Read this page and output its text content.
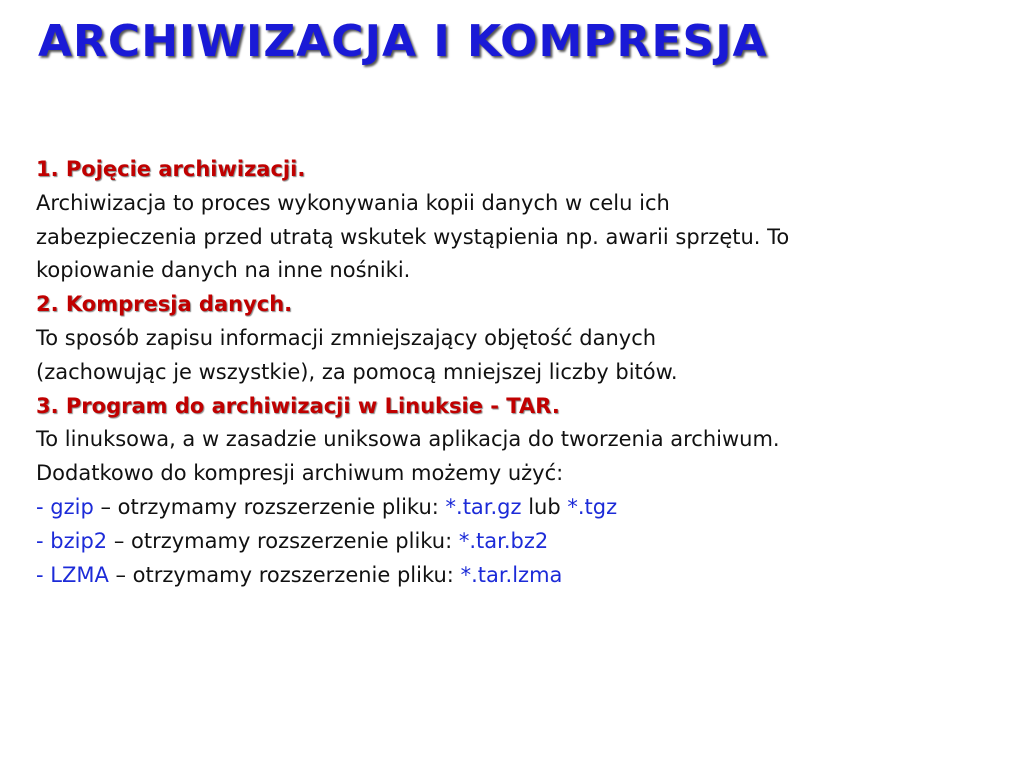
ARCHIWIZACJA I KOMPRESJA
1. Pojęcie archiwizacji.
Archiwizacja to proces wykonywania kopii danych w celu ich
zabezpieczenia przed utratą wskutek wystąpienia np. awarii sprzętu. To
kopiowanie danych na inne nośniki.
2. Kompresja danych.
To sposób zapisu informacji zmniejszający objętość danych
(zachowując je wszystkie), za pomocą mniejszej liczby bitów.
3. Program do archiwizacji w Linuksie - TAR.
To linuksowa, a w zasadzie uniksowa aplikacja do tworzenia archiwum.
Dodatkowo do kompresji archiwum możemy użyć:
- gzip – otrzymamy rozszerzenie pliku: *.tar.gz lub *.tgz
- bzip2 – otrzymamy rozszerzenie pliku: *.tar.bz2
- LZMA – otrzymamy rozszerzenie pliku: *.tar.lzma
